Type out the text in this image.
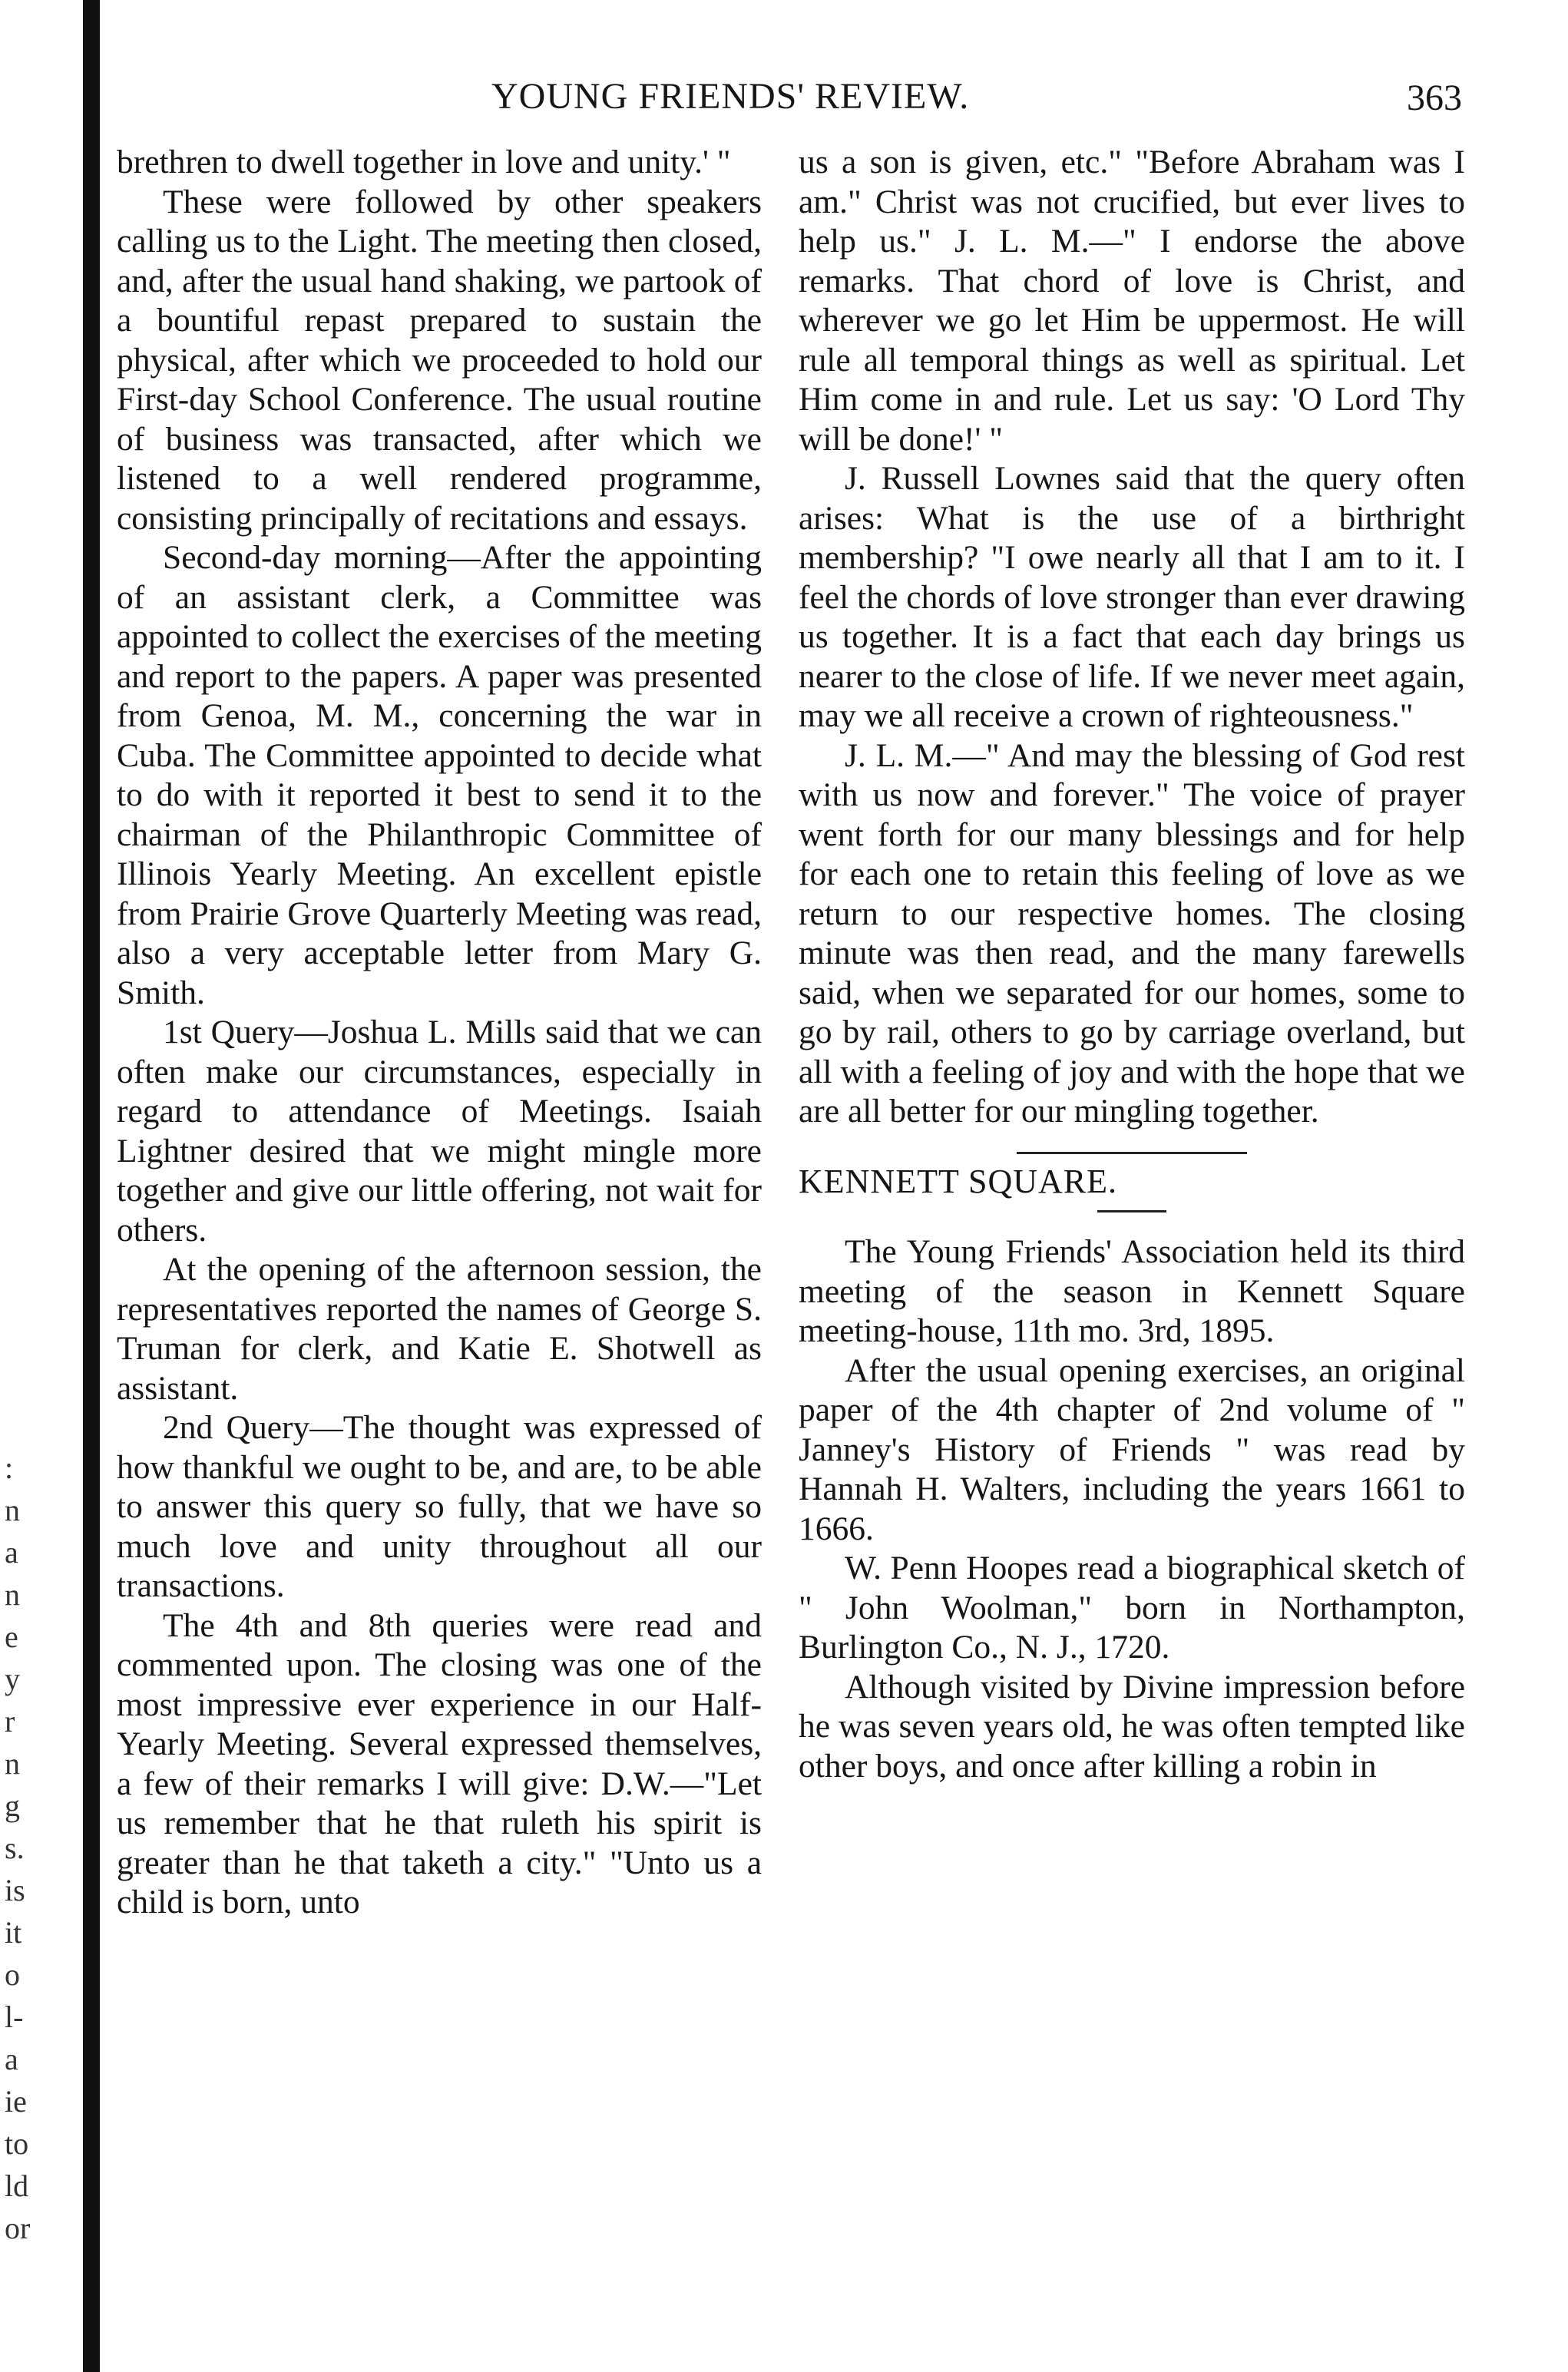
:
n
a
n
e
y
r
n
g
s.
is
it
o
l-
a
ie
to
ld
or
YOUNG FRIENDS' REVIEW.	363

brethren to dwell together in love and unity.' "

These were followed by other speakers calling us to the Light. The meeting then closed, and, after the usual hand shaking, we partook of a bountiful repast prepared to sustain the physical, after which we proceeded to hold our First-day School Conference. The usual routine of business was transacted, after which we listened to a well rendered programme, consisting principally of recitations and essays.

Second-day morning—After the appointing of an assistant clerk, a Committee was appointed to collect the exercises of the meeting and report to the papers. A paper was presented from Genoa, M. M., concerning the war in Cuba. The Committee appointed to decide what to do with it reported it best to send it to the chairman of the Philanthropic Committee of Illinois Yearly Meeting. An excellent epistle from Prairie Grove Quarterly Meeting was read, also a very acceptable letter from Mary G. Smith.

1st Query—Joshua L. Mills said that we can often make our circumstances, especially in regard to attendance of Meetings. Isaiah Lightner desired that we might mingle more together and give our little offering, not wait for others.

At the opening of the afternoon session, the representatives reported the names of George S. Truman for clerk, and Katie E. Shotwell as assistant.

2nd Query—The thought was expressed of how thankful we ought to be, and are, to be able to answer this query so fully, that we have so much love and unity throughout all our transactions.

The 4th and 8th queries were read and commented upon. The closing was one of the most impressive ever experience in our Half-Yearly Meeting. Several expressed themselves, a few of their remarks I will give: D.W.—"Let us remember that he that ruleth his spirit is greater than he that taketh a city." "Unto us a child is born, unto

us a son is given, etc." "Before Abraham was I am." Christ was not crucified, but ever lives to help us." J. L. M.—" I endorse the above remarks. That chord of love is Christ, and wherever we go let Him be uppermost. He will rule all temporal things as well as spiritual. Let Him come in and rule. Let us say: 'O Lord Thy will be done!' "

J. Russell Lownes said that the query often arises: What is the use of a birthright membership? "I owe nearly all that I am to it. I feel the chords of love stronger than ever drawing us together. It is a fact that each day brings us nearer to the close of life. If we never meet again, may we all receive a crown of righteousness."

J. L. M.—" And may the blessing of God rest with us now and forever." The voice of prayer went forth for our many blessings and for help for each one to retain this feeling of love as we return to our respective homes. The closing minute was then read, and the many farewells said, when we separated for our homes, some to go by rail, others to go by carriage overland, but all with a feeling of joy and with the hope that we are all better for our mingling together.

KENNETT SQUARE.

The Young Friends' Association held its third meeting of the season in Kennett Square meeting-house, 11th mo. 3rd, 1895.

After the usual opening exercises, an original paper of the 4th chapter of 2nd volume of " Janney's History of Friends " was read by Hannah H. Walters, including the years 1661 to 1666.

W. Penn Hoopes read a biographical sketch of " John Woolman," born in Northampton, Burlington Co., N. J., 1720.

Although visited by Divine impression before he was seven years old, he was often tempted like other boys, and once after killing a robin in
